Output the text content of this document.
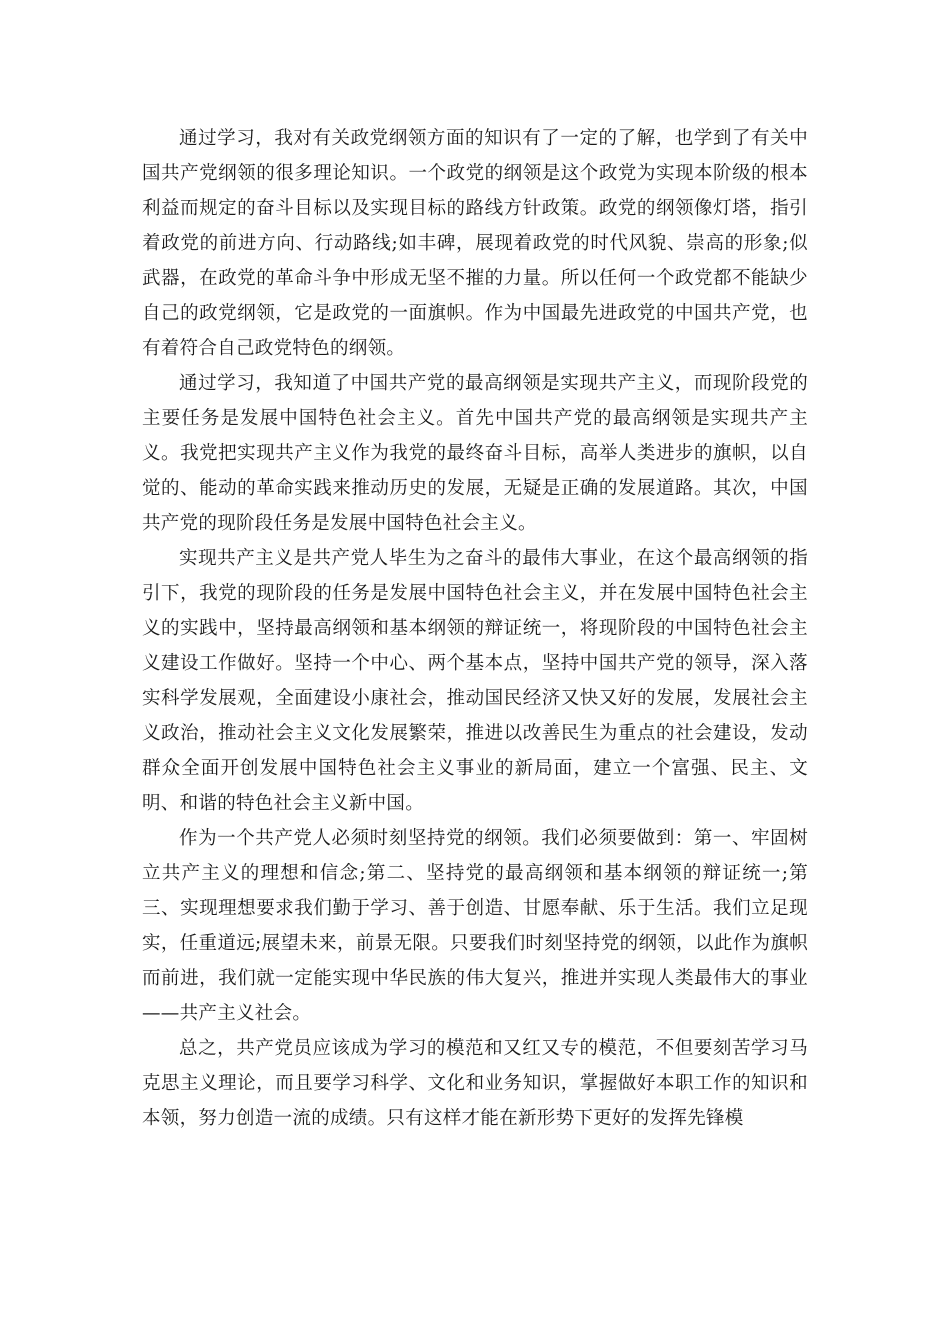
通过学习，我对有关政党纲领方面的知识有了一定的了解，也学到了有关中国共产党纲领的很多理论知识。一个政党的纲领是这个政党为实现本阶级的根本利益而规定的奋斗目标以及实现目标的路线方针政策。政党的纲领像灯塔，指引着政党的前进方向、行动路线;如丰碑，展现着政党的时代风貌、崇高的形象;似武器，在政党的革命斗争中形成无坚不摧的力量。所以任何一个政党都不能缺少自己的政党纲领，它是政党的一面旗帜。作为中国最先进政党的中国共产党，也有着符合自己政党特色的纲领。

通过学习，我知道了中国共产党的最高纲领是实现共产主义，而现阶段党的主要任务是发展中国特色社会主义。首先中国共产党的最高纲领是实现共产主义。我党把实现共产主义作为我党的最终奋斗目标，高举人类进步的旗帜，以自觉的、能动的革命实践来推动历史的发展，无疑是正确的发展道路。其次，中国共产党的现阶段任务是发展中国特色社会主义。

实现共产主义是共产党人毕生为之奋斗的最伟大事业，在这个最高纲领的指引下，我党的现阶段的任务是发展中国特色社会主义，并在发展中国特色社会主义的实践中，坚持最高纲领和基本纲领的辩证统一，将现阶段的中国特色社会主义建设工作做好。坚持一个中心、两个基本点，坚持中国共产党的领导，深入落实科学发展观，全面建设小康社会，推动国民经济又快又好的发展，发展社会主义政治，推动社会主义文化发展繁荣，推进以改善民生为重点的社会建设，发动群众全面开创发展中国特色社会主义事业的新局面，建立一个富强、民主、文明、和谐的特色社会主义新中国。

作为一个共产党人必须时刻坚持党的纲领。我们必须要做到：第一、牢固树立共产主义的理想和信念;第二、坚持党的最高纲领和基本纲领的辩证统一;第三、实现理想要求我们勤于学习、善于创造、甘愿奉献、乐于生活。我们立足现实，任重道远;展望未来，前景无限。只要我们时刻坚持党的纲领，以此作为旗帜而前进，我们就一定能实现中华民族的伟大复兴，推进并实现人类最伟大的事业——共产主义社会。

总之，共产党员应该成为学习的模范和又红又专的模范，不但要刻苦学习马克思主义理论，而且要学习科学、文化和业务知识，掌握做好本职工作的知识和本领，努力创造一流的成绩。只有这样才能在新形势下更好的发挥先锋模
